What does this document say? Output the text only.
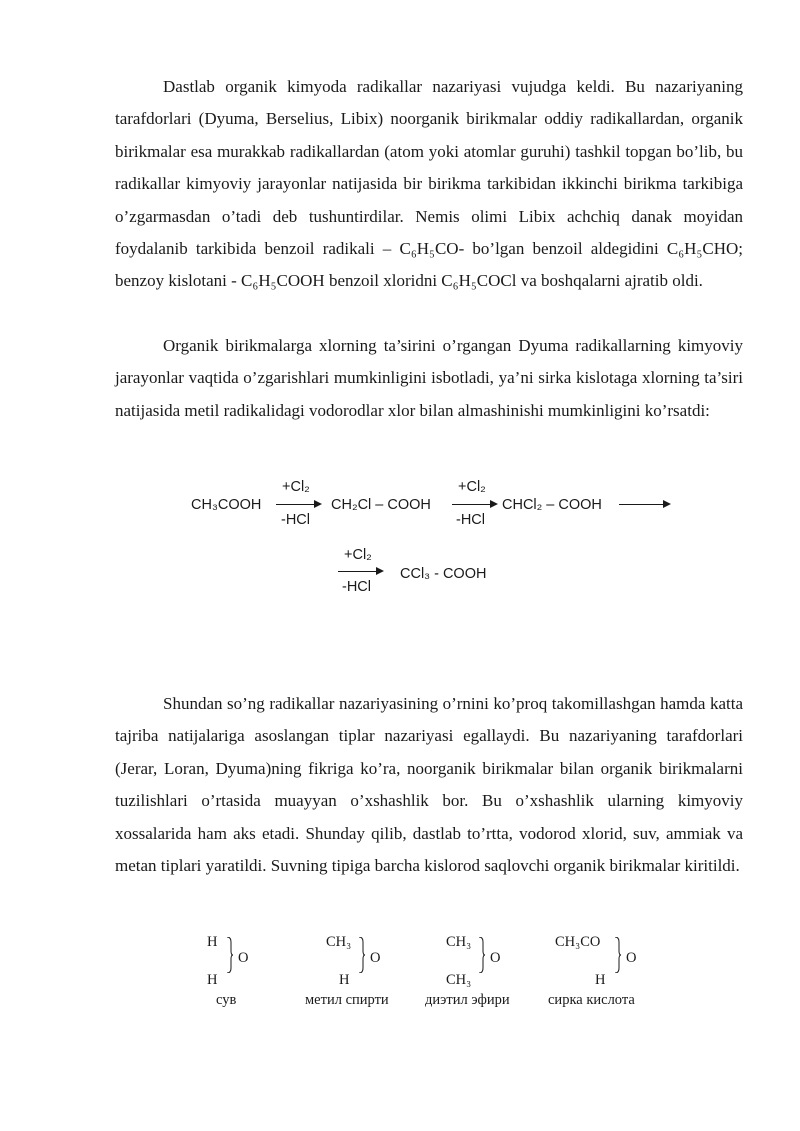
Dastlab organik kimyoda radikallar nazariyasi vujudga keldi. Bu nazariyaning tarafdorlari (Dyuma, Berselius, Libix) noorganik birikmalar oddiy radikallardan, organik birikmalar esa murakkab radikallardan (atom yoki atomlar guruhi) tashkil topgan bo’lib, bu radikallar kimyoviy jarayonlar natijasida bir birikma tarkibidan ikkinchi birikma tarkibiga o’zgarmasdan o’tadi deb tushuntirdilar. Nemis olimi Libix achchiq danak moyidan foydalanib tarkibida benzoil radikali – C₆H₅CO- bo’lgan benzoil aldegidini C₆H₅CHO; benzoy kislotani - C₆H₅COOH benzoil xloridni C₆H₅COCl va boshqalarni ajratib oldi.

Organik birikmalarga xlorning ta’sirini o’rgangan Dyuma radikallarning kimyoviy jarayonlar vaqtida o’zgarishlari mumkinligini isbotladi, ya’ni sirka kislotaga xlorning ta’siri natijasida metil radikalidagi vodorodlar xlor bilan almashinishi mumkinligini ko’rsatdi:

CH₃COOH
+Cl₂
-HCl
CH₂Cl – COOH
+Cl₂
-HCl
CHCl₂ – COOH
+Cl₂
-HCl
CCl₃ - COOH

Shundan so’ng radikallar nazariyasining o’rnini ko’proq takomillashgan hamda katta tajriba natijalariga asoslangan tiplar nazariyasi egallaydi. Bu nazariyaning tarafdorlari (Jerar, Loran, Dyuma)ning fikriga ko’ra, noorganik birikmalar bilan organik birikmalarni tuzilishlari o’rtasida muayyan o’xshashlik bor. Bu o’xshashlik ularning kimyoviy xossalarida ham aks etadi. Shunday qilib, dastlab to’rtta, vodorod xlorid, suv, ammiak va metan tiplari yaratildi. Suvning tipiga barcha kislorod saqlovchi organik birikmalar kiritildi.

H
H
O
сув
CH₃
H
O
метил спирти
CH₃
CH₃
O
диэтил эфири
CH₃CO
H
O
сирка кислота
